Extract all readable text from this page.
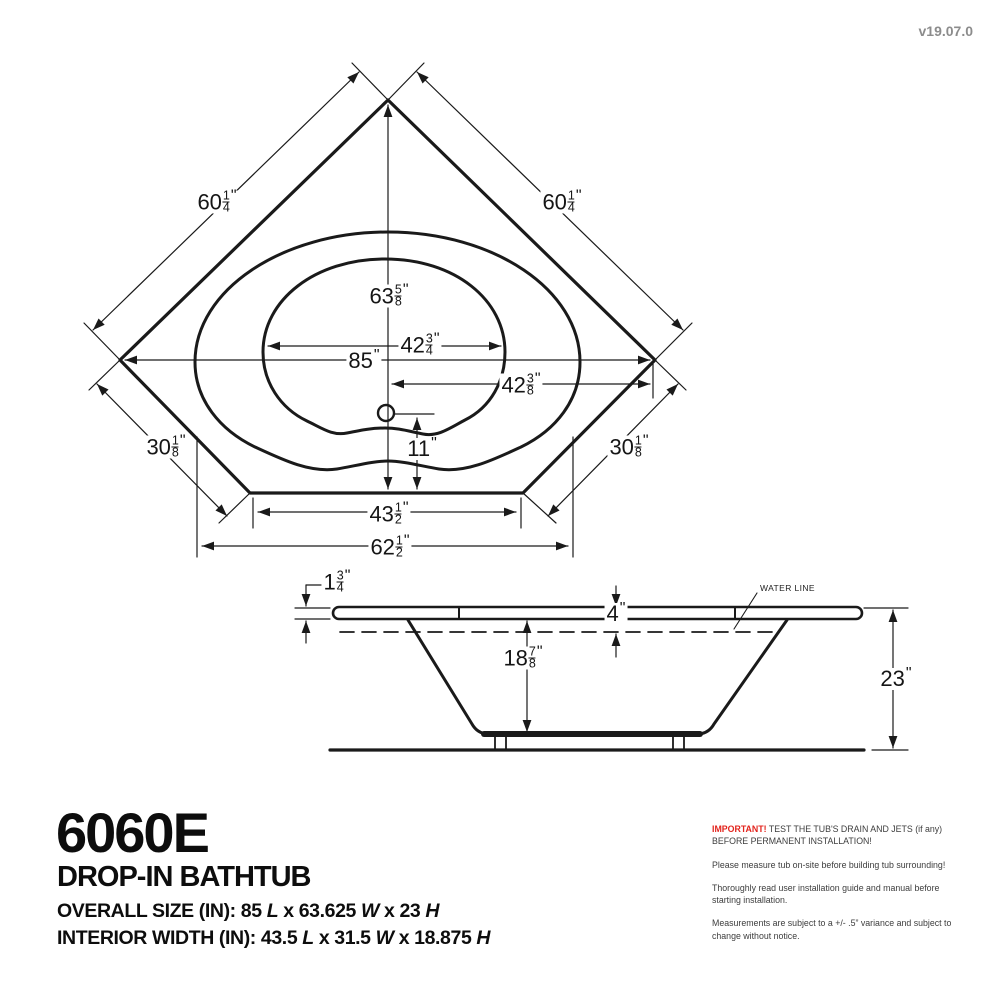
v19.07.0
$60 \frac{1}{4}$ "	$60 \frac{1}{4}$ "
$63 \frac{5}{8}$ "
$42 \frac{3}{4}$ "
85 "
$42 \frac{3}{8}$ "
$30 \frac{1}{8}$ "	$30 \frac{1}{8}$ "
11 "
$43 \frac{1}{2}$ "
$62 \frac{1}{2}$ "
$1 \frac{3}{4}$ "
4 "
$18 \frac{7}{8}$ "
23 "
WATER LINE
6060E
DROP-IN BATHTUB
OVERALL SIZE (IN): 85 L x 63.625 W x 23 H
INTERIOR WIDTH (IN): 43.5 L x 31.5 W x 18.875 H

IMPORTANT! TEST THE TUB'S DRAIN AND JETS (if any) BEFORE PERMANENT INSTALLATION!

Please measure tub on-site before building tub surrounding!

Thoroughly read user installation guide and manual before starting installation.

Measurements are subject to a +/- .5” variance and subject to change without notice.
